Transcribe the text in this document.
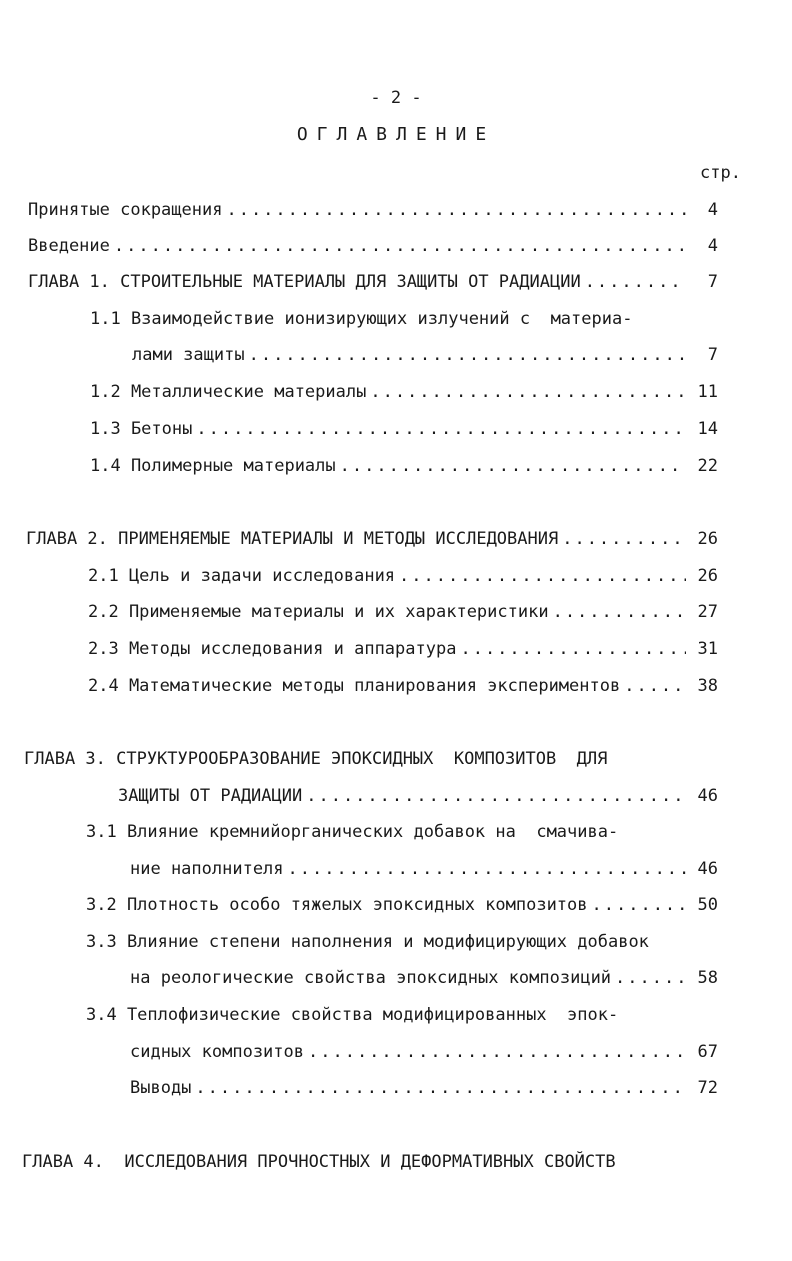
- 2 -
ОГЛАВЛЕНИЕ
стр.
Принятые сокращения .....	4
Введение .....	4
ГЛАВА 1. СТРОИТЕЛЬНЫЕ МАТЕРИАЛЫ ДЛЯ ЗАЩИТЫ ОТ РАДИАЦИИ .....	7
1.1 Взаимодействие ионизирующих излучений с  материа-
лами защиты .....	7
1.2 Металлические материалы .....	11
1.3 Бетоны .....	14
1.4 Полимерные материалы .....	22
ГЛАВА 2. ПРИМЕНЯЕМЫЕ МАТЕРИАЛЫ И МЕТОДЫ ИССЛЕДОВАНИЯ .....	26
2.1 Цель и задачи исследования .....	26
2.2 Применяемые материалы и их характеристики .....	27
2.3 Методы исследования и аппаратура .....	31
2.4 Математические методы планирования экспериментов .....	38
ГЛАВА 3. СТРУКТУРООБРАЗОВАНИЕ ЭПОКСИДНЫХ  КОМПОЗИТОВ  ДЛЯ
ЗАЩИТЫ ОТ РАДИАЦИИ .....	46
3.1 Влияние кремнийорганических добавок на  смачива-
ние наполнителя .....	46
3.2 Плотность особо тяжелых эпоксидных композитов .....	50
3.3 Влияние степени наполнения и модифицирующих добавок
на реологические свойства эпоксидных композиций .....	58
3.4 Теплофизические свойства модифицированных  эпок-
сидных композитов .....	67
Выводы .....	72
ГЛАВА 4.  ИССЛЕДОВАНИЯ ПРОЧНОСТНЫХ И ДЕФОРМАТИВНЫХ СВОЙСТВ
